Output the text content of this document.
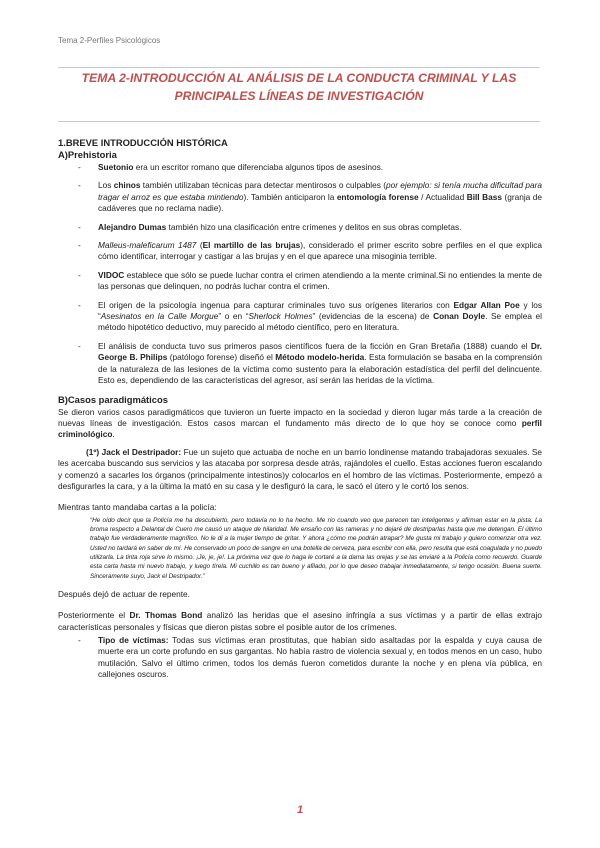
Tema 2-Perfiles Psicológicos
TEMA 2-INTRODUCCIÓN AL ANÁLISIS DE LA CONDUCTA CRIMINAL Y LAS
PRINCIPALES LÍNEAS DE INVESTIGACIÓN
1.BREVE INTRODUCCIÓN HISTÓRICA
A)Prehistoria
- Suetonio era un escritor romano que diferenciaba algunos tipos de asesinos.
- Los chinos también utilizaban técnicas para detectar mentirosos o culpables (por ejemplo: si tenía mucha dificultad para tragar el arroz es que estaba mintiendo). También anticiparon la entomología forense / Actualidad Bill Bass (granja de cadáveres que no reclama nadie).
- Alejandro Dumas también hizo una clasificación entre crímenes y delitos en sus obras completas.
- Malleus-maleficarum 1487 (El martillo de las brujas), considerado el primer escrito sobre perfiles en el que explica cómo identificar, interrogar y castigar a las brujas y en el que aparece una misoginia terrible.
- VIDOC establece que sólo se puede luchar contra el crimen atendiendo a la mente criminal.Si no entiendes la mente de las personas que delinquen, no podrás luchar contra el crimen.
- El origen de la psicología ingenua para capturar criminales tuvo sus orígenes literarios con Edgar Allan Poe y los “Asesinatos en la Calle Morgue” o en “Sherlock Holmes” (evidencias de la escena) de Conan Doyle. Se emplea el método hipotético deductivo, muy parecido al método científico, pero en literatura.
- El análisis de conducta tuvo sus primeros pasos científicos fuera de la ficción en Gran Bretaña (1888) cuando el Dr. George B. Philips (patólogo forense) diseñó el Método modelo-herida. Esta formulación se basaba en la comprensión de la naturaleza de las lesiones de la víctima como sustento para la elaboración estadística del perfil del delincuente. Esto es, dependiendo de las características del agresor, así serán las heridas de la víctima.
B)Casos paradigmáticos

Se dieron varios casos paradigmáticos que tuvieron un fuerte impacto en la sociedad y dieron lugar más tarde a la creación de nuevas líneas de investigación. Estos casos marcan el fundamento más directo de lo que hoy se conoce como perfil criminológico.

(1º) Jack el Destripador: Fue un sujeto que actuaba de noche en un barrio londinense matando trabajadoras sexuales. Se les acercaba buscando sus servicios y las atacaba por sorpresa desde atrás, rajándoles el cuello. Estas acciones fueron escalando y comenzó a sacarles los órganos (principalmente intestinos)y colocarlos en el hombro de las víctimas. Posteriormente, empezó a desfigurarles la cara, y a la última la mató en su casa y le desfiguró la cara, le sacó el útero y le cortó los senos.

Mientras tanto mandaba cartas a la policía:

“He oído decir que la Policía me ha descubierto, pero todavía no lo ha hecho. Me río cuando veo que parecen tan inteligentes y afirman estar en la pista. La broma respecto a Delantal de Cuero me causó un ataque de hilaridad. Me ensaño con las rameras y no dejaré de destriparlas hasta que me detengan. El último trabajo fue verdaderamente magnífico. No le di a la mujer tiempo de gritar. Y ahora ¿cómo me podrán atrapar? Me gusta mi trabajo y quiero comenzar otra vez. Usted no tardará en saber de mí. He conservado un poco de sangre en una botella de cerveza, para escribir con ella, pero resulta que está coagulada y no puedo utilizarla. La tinta roja sirve lo mismo. ¡Je, je, je!. La próxima vez que lo haga le cortaré a la dama las orejas y se las enviaré a la Policía como recuerdo. Guarde esta carta hasta mi nuevo trabajo, y luego tírela. Mi cuchillo es tan bueno y afilado, por lo que deseo trabajar inmediatamente, si tengo ocasión. Buena suerte. Sinceramente suyo, Jack el Destripador.”

Después dejó de actuar de repente.

Posteriormente el Dr. Thomas Bond analizó las heridas que el asesino infringía a sus víctimas y a partir de ellas extrajo características personales y físicas que dieron pistas sobre el posible autor de los crímenes.

- Tipo de víctimas: Todas sus víctimas eran prostitutas, que habían sido asaltadas por la espalda y cuya causa de muerte era un corte profundo en sus gargantas. No había rastro de violencia sexual y, en todos menos en un caso, hubo mutilación. Salvo el último crimen, todos los demás fueron cometidos durante la noche y en plena vía pública, en callejones oscuros.
1
